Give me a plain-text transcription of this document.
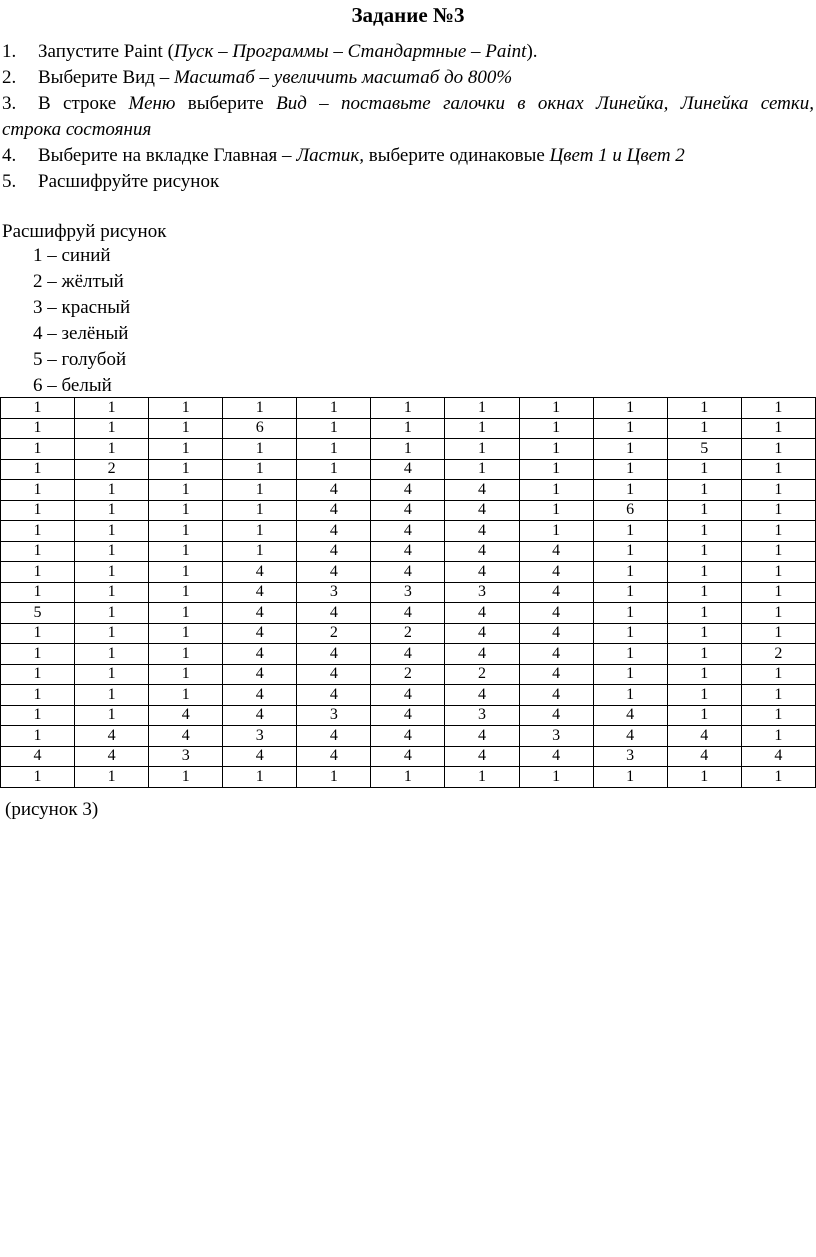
Задание №3
1. Запустите Paint (Пуск – Программы – Стандартные – Paint).
2. Выберите Вид – Масштаб – увеличить масштаб до 800%
3. В строке Меню выберите Вид – поставьте галочки в окнах Линейка, Линейка сетки,
строка состояния
4. Выберите на вкладке Главная – Ластик, выберите одинаковые Цвет 1 и Цвет 2
5. Расшифруйте рисунок

Расшифруй рисунок

1 – синий
2 – жёлтый
3 – красный
4 – зелёный
5 – голубой
6 – белый
1	1	1	1	1	1	1	1	1	1	1
1	1	1	6	1	1	1	1	1	1	1
1	1	1	1	1	1	1	1	1	5	1
1	2	1	1	1	4	1	1	1	1	1
1	1	1	1	4	4	4	1	1	1	1
1	1	1	1	4	4	4	1	6	1	1
1	1	1	1	4	4	4	1	1	1	1
1	1	1	1	4	4	4	4	1	1	1
1	1	1	4	4	4	4	4	1	1	1
1	1	1	4	3	3	3	4	1	1	1
5	1	1	4	4	4	4	4	1	1	1
1	1	1	4	2	2	4	4	1	1	1
1	1	1	4	4	4	4	4	1	1	2
1	1	1	4	4	2	2	4	1	1	1
1	1	1	4	4	4	4	4	1	1	1
1	1	4	4	3	4	3	4	4	1	1
1	4	4	3	4	4	4	3	4	4	1
4	4	3	4	4	4	4	4	3	4	4
1	1	1	1	1	1	1	1	1	1	1

(рисунок 3)
